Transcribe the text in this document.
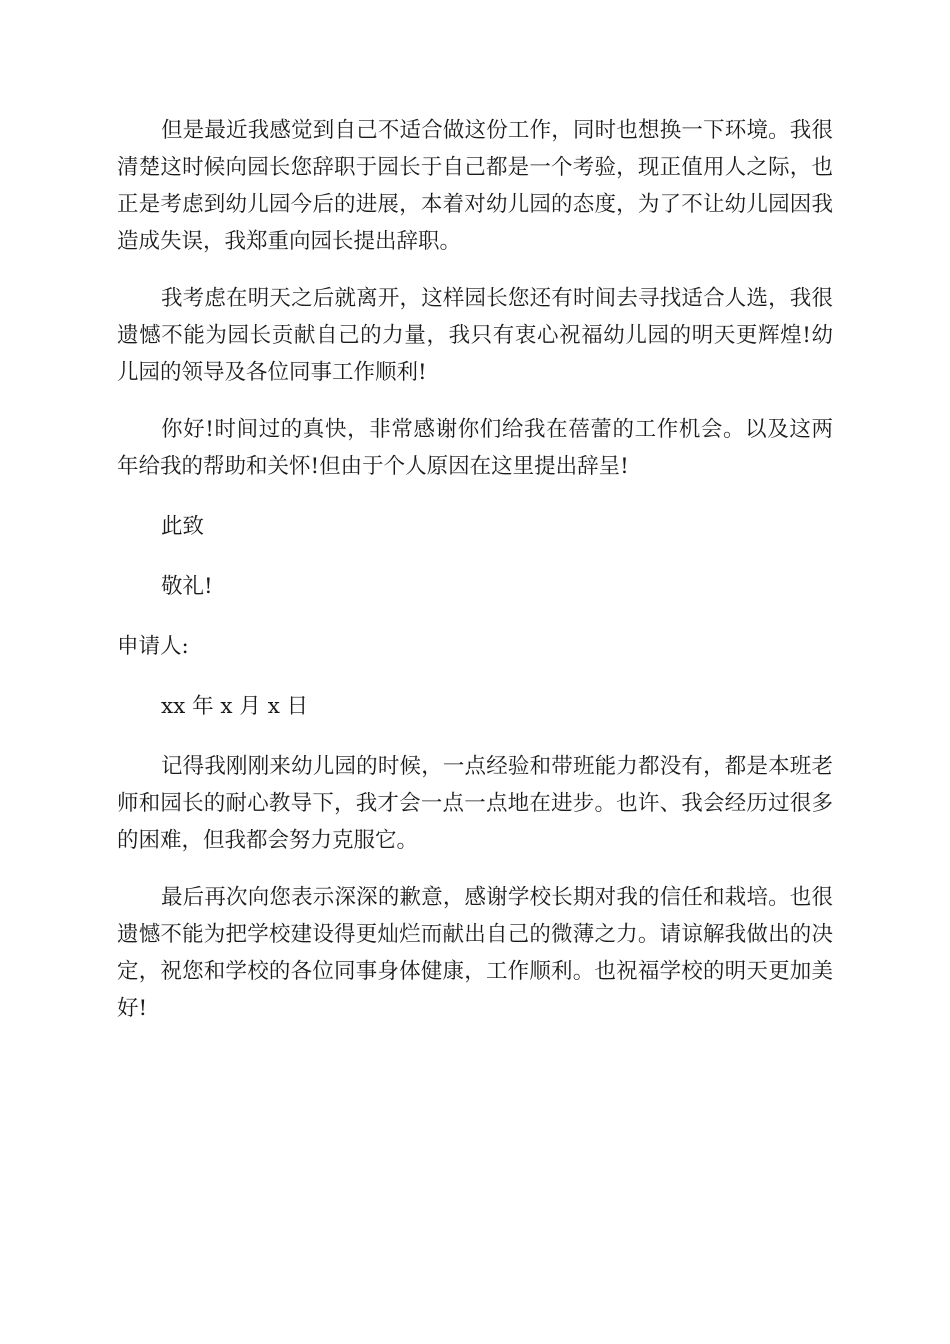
但是最近我感觉到自己不适合做这份工作，同时也想换一下环境。我很清楚这时候向园长您辞职于园长于自己都是一个考验，现正值用人之际，也正是考虑到幼儿园今后的进展，本着对幼儿园的态度，为了不让幼儿园因我造成失误，我郑重向园长提出辞职。

我考虑在明天之后就离开，这样园长您还有时间去寻找适合人选，我很遗憾不能为园长贡献自己的力量，我只有衷心祝福幼儿园的明天更辉煌!幼儿园的领导及各位同事工作顺利!

你好!时间过的真快，非常感谢你们给我在蓓蕾的工作机会。以及这两年给我的帮助和关怀!但由于个人原因在这里提出辞呈!

此致

敬礼!

申请人:

xx 年 x 月 x 日

记得我刚刚来幼儿园的时候，一点经验和带班能力都没有，都是本班老师和园长的耐心教导下，我才会一点一点地在进步。也许、我会经历过很多的困难，但我都会努力克服它。

最后再次向您表示深深的歉意，感谢学校长期对我的信任和栽培。也很遗憾不能为把学校建设得更灿烂而献出自己的微薄之力。请谅解我做出的决定，祝您和学校的各位同事身体健康，工作顺利。也祝福学校的明天更加美好!
